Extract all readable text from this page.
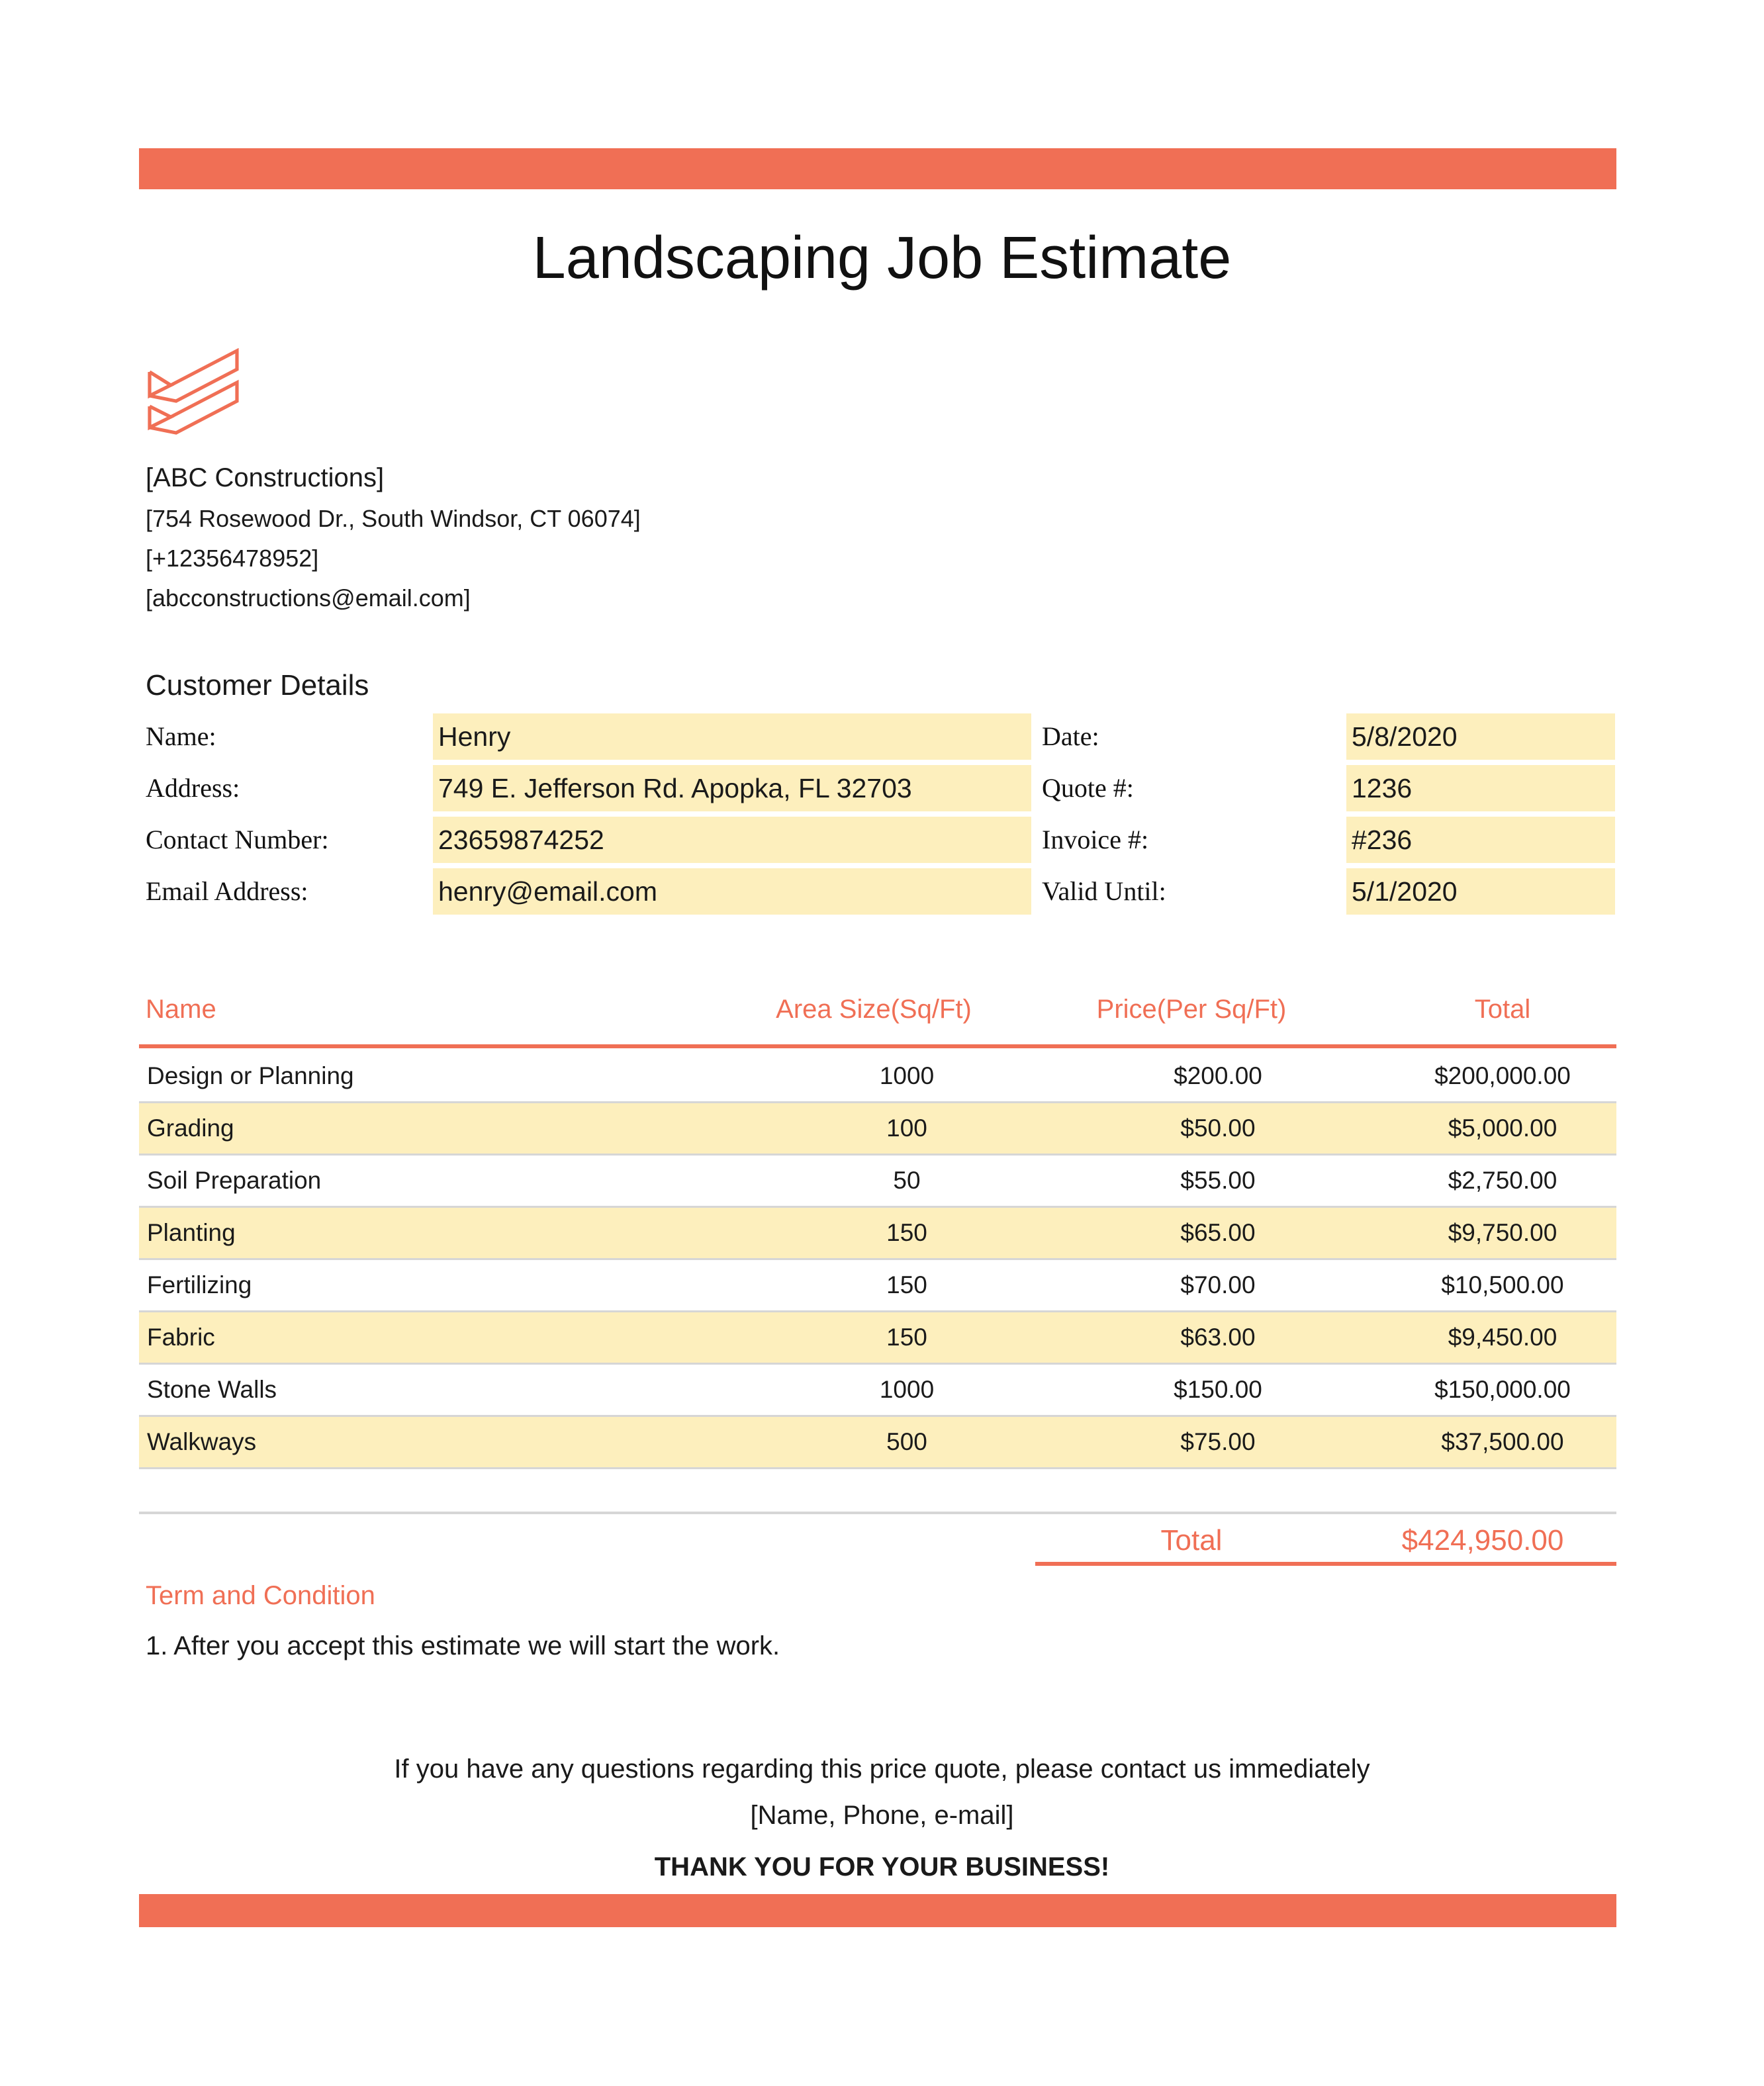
Landscaping Job Estimate
[ABC Constructions]
[754 Rosewood Dr., South Windsor, CT 06074]
[+12356478952]
[abcconstructions@email.com]
Customer Details
Name:	Henry
Address:	749 E. Jefferson Rd. Apopka, FL 32703
Contact Number:	23659874252
Email Address:	henry@email.com
Date:	5/8/2020
Quote #:	1236
Invoice #:	#236
Valid Until:	5/1/2020
Name	Area Size(Sq/Ft)	Price(Per Sq/Ft)	Total
Design or Planning	1000	$200.00	$200,000.00
Grading	100	$50.00	$5,000.00
Soil Preparation	50	$55.00	$2,750.00
Planting	150	$65.00	$9,750.00
Fertilizing	150	$70.00	$10,500.00
Fabric	150	$63.00	$9,450.00
Stone Walls	1000	$150.00	$150,000.00
Walkways	500	$75.00	$37,500.00
Total	$424,950.00
Term and Condition
1. After you accept this estimate we will start the work.
If you have any questions regarding this price quote, please contact us immediately
[Name, Phone, e-mail]
THANK YOU FOR YOUR BUSINESS!
